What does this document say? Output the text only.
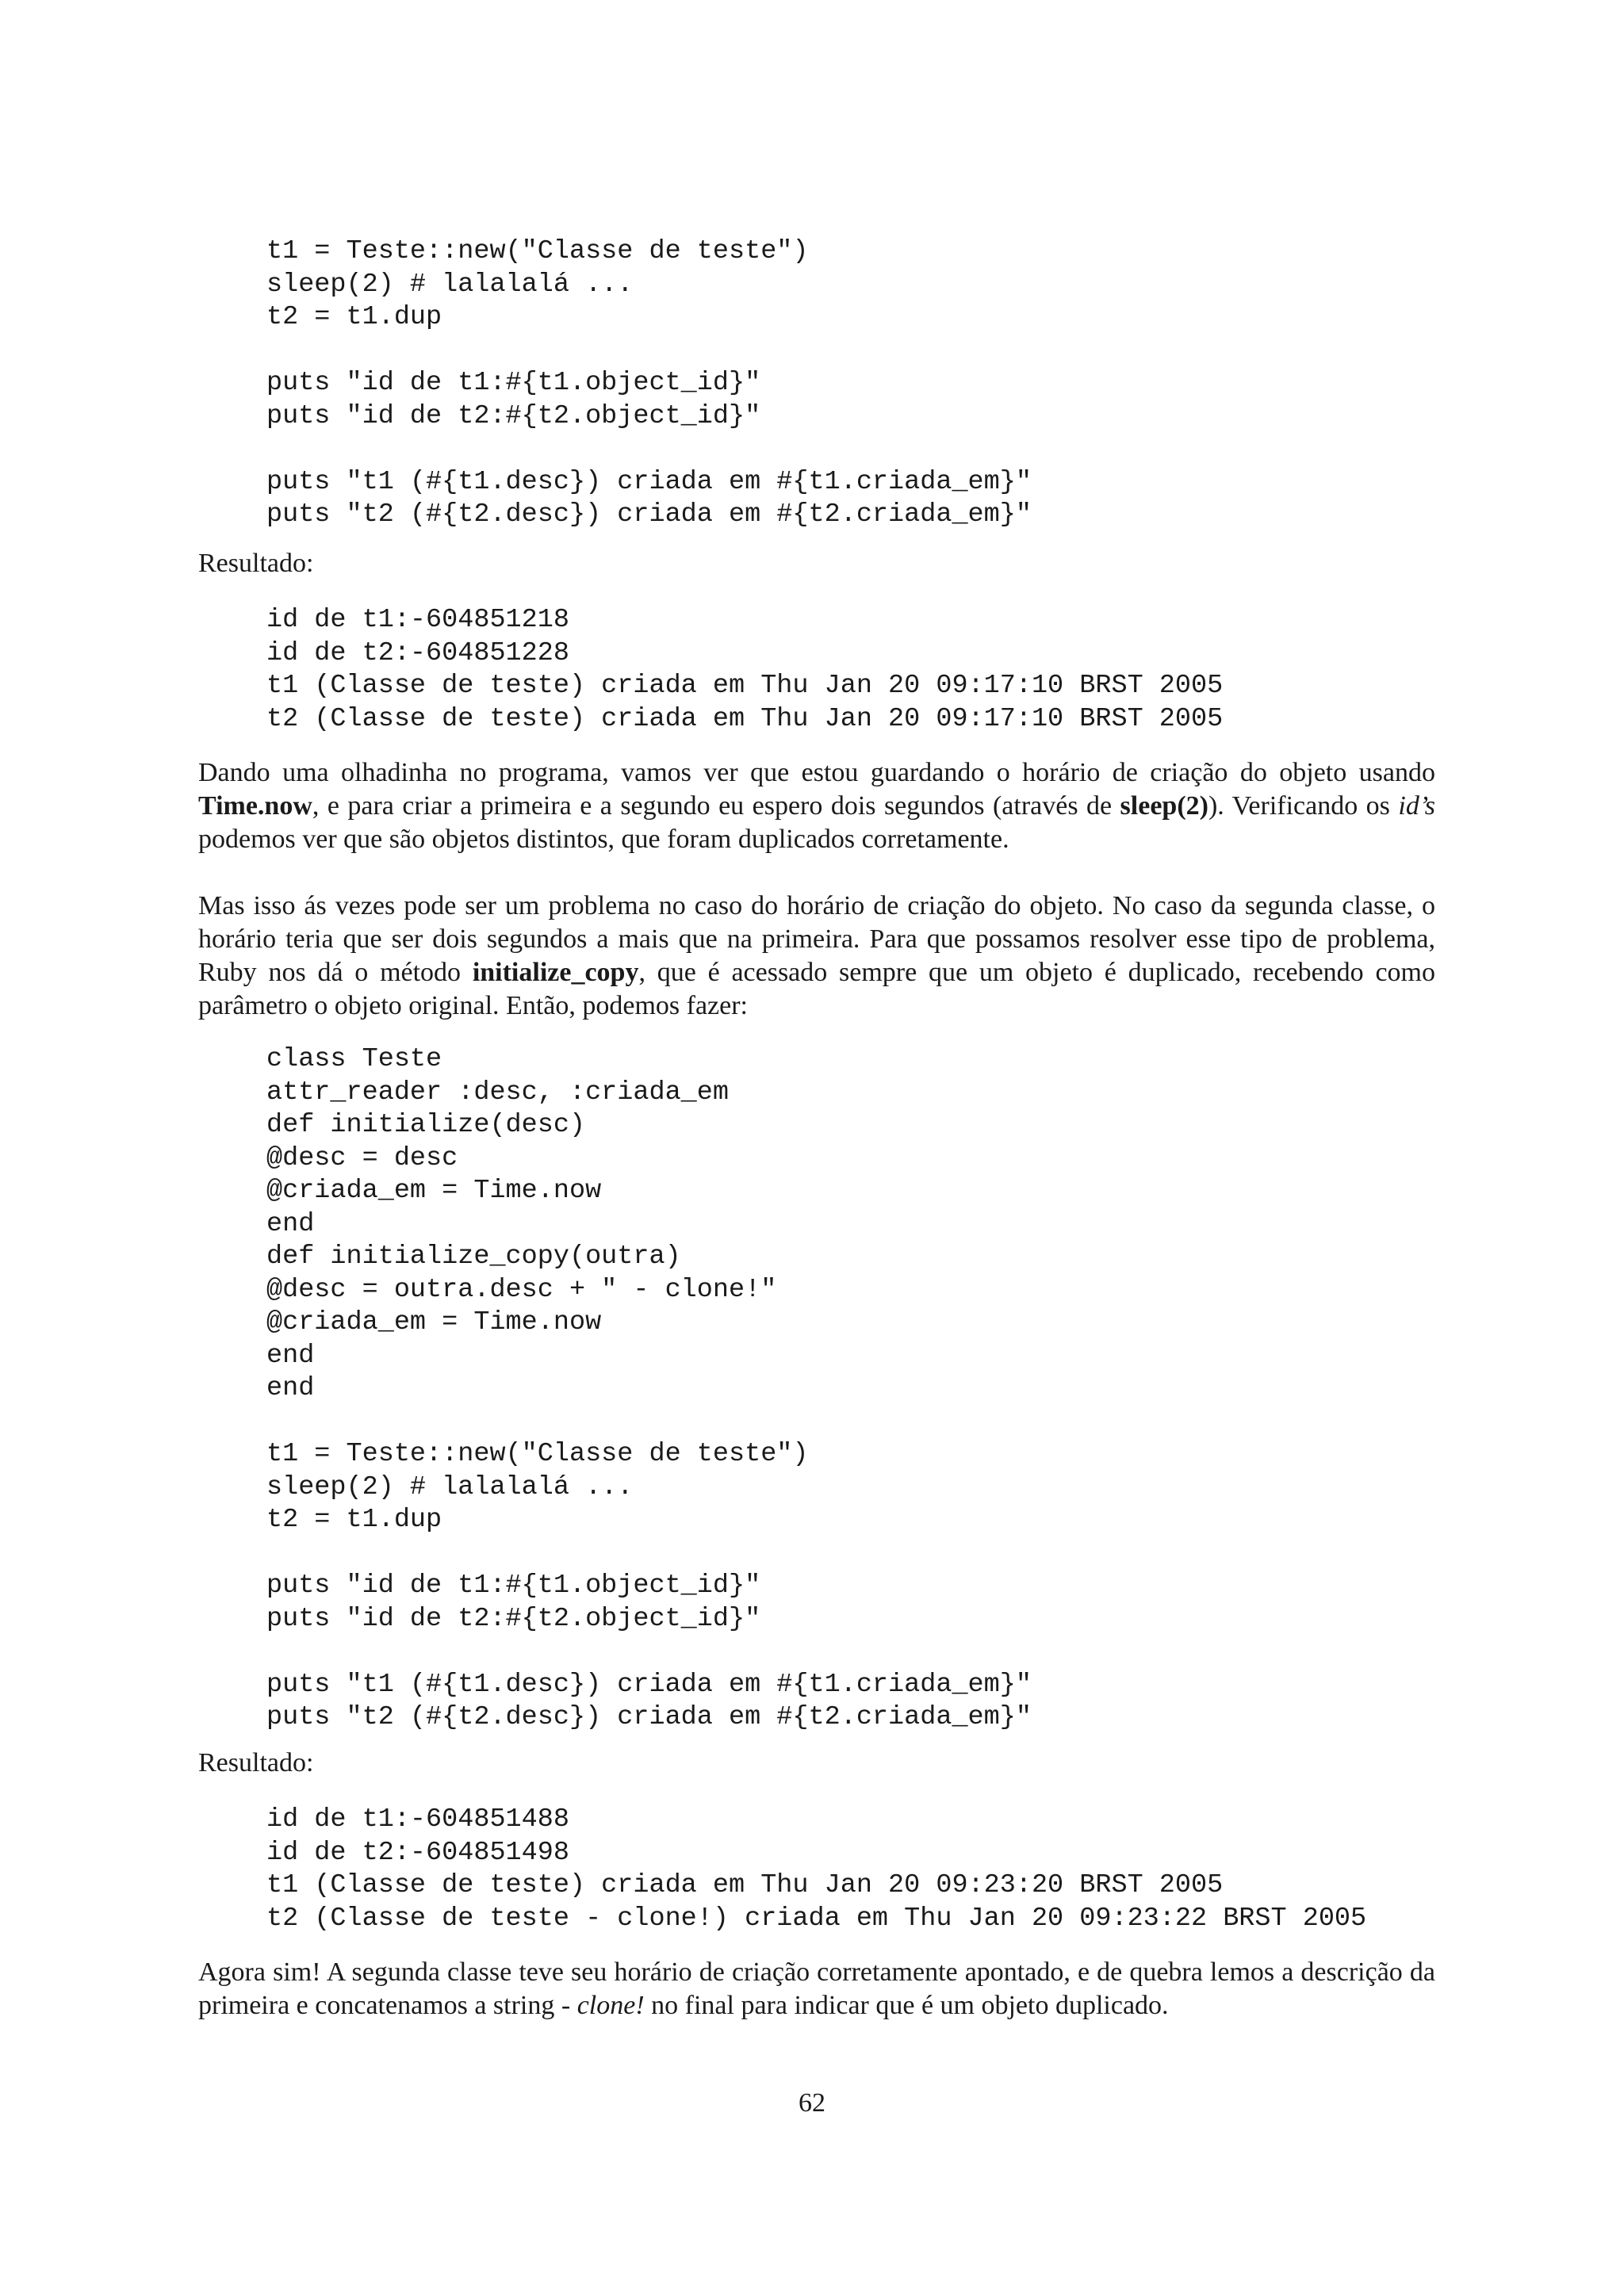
t1 = Teste::new("Classe de teste")
sleep(2) # lalalalá ...
t2 = t1.dup
puts "id de t1:#{t1.object_id}"
puts "id de t2:#{t2.object_id}"
puts "t1 (#{t1.desc}) criada em #{t1.criada_em}"
puts "t2 (#{t2.desc}) criada em #{t2.criada_em}"
Resultado:
id de t1:-604851218
id de t2:-604851228
t1 (Classe de teste) criada em Thu Jan 20 09:17:10 BRST 2005
t2 (Classe de teste) criada em Thu Jan 20 09:17:10 BRST 2005

Dando uma olhadinha no programa, vamos ver que estou guardando o horário de criação do objeto usando Time.now, e para criar a primeira e a segundo eu espero dois segundos (através de sleep(2)). Verificando os id’s podemos ver que são objetos distintos, que foram duplicados corretamente.

Mas isso ás vezes pode ser um problema no caso do horário de criação do objeto. No caso da segunda classe, o horário teria que ser dois segundos a mais que na primeira. Para que possamos resolver esse tipo de problema, Ruby nos dá o método initialize_copy, que é acessado sempre que um objeto é duplicado, recebendo como parâmetro o objeto original. Então, podemos fazer:

class Teste
attr_reader :desc, :criada_em
def initialize(desc)
@desc = desc
@criada_em = Time.now
end
def initialize_copy(outra)
@desc = outra.desc + " - clone!"
@criada_em = Time.now
end
end
t1 = Teste::new("Classe de teste")
sleep(2) # lalalalá ...
t2 = t1.dup
puts "id de t1:#{t1.object_id}"
puts "id de t2:#{t2.object_id}"
puts "t1 (#{t1.desc}) criada em #{t1.criada_em}"
puts "t2 (#{t2.desc}) criada em #{t2.criada_em}"
Resultado:
id de t1:-604851488
id de t2:-604851498
t1 (Classe de teste) criada em Thu Jan 20 09:23:20 BRST 2005
t2 (Classe de teste - clone!) criada em Thu Jan 20 09:23:22 BRST 2005

Agora sim! A segunda classe teve seu horário de criação corretamente apontado, e de quebra lemos a descrição da primeira e concatenamos a string - clone! no final para indicar que é um objeto duplicado.

62
